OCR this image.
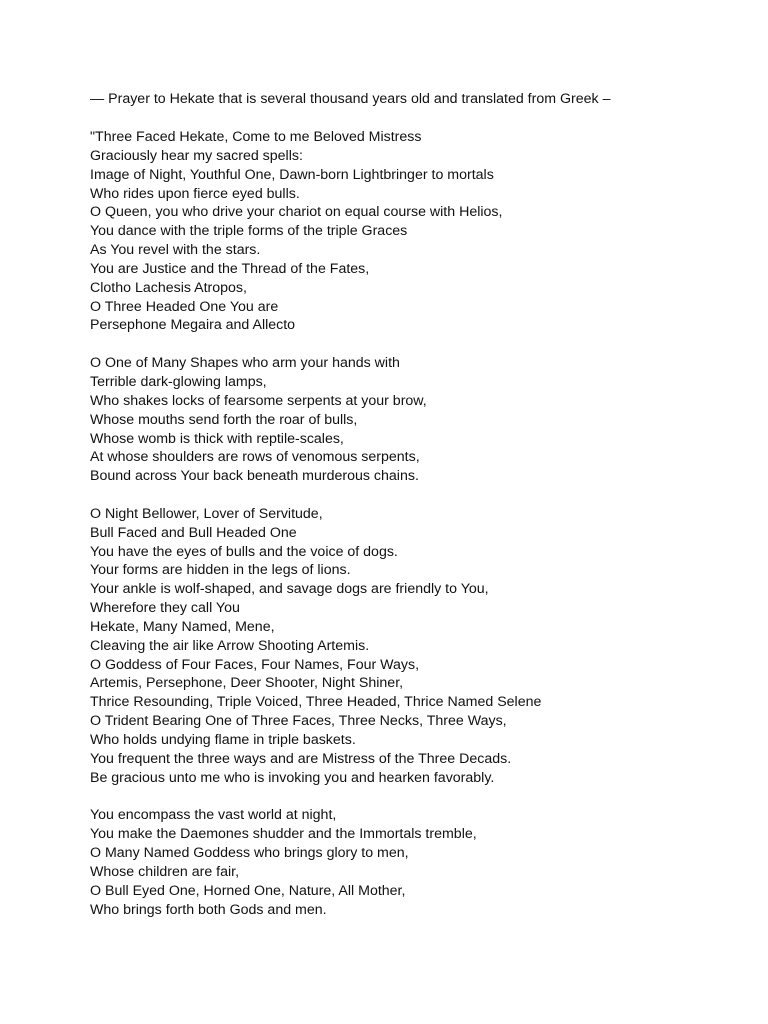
— Prayer to Hekate that is several thousand years old and translated from Greek –
"Three Faced Hekate, Come to me Beloved Mistress
Graciously hear my sacred spells:
Image of Night, Youthful One, Dawn-born Lightbringer to mortals
Who rides upon fierce eyed bulls.
O Queen, you who drive your chariot on equal course with Helios,
You dance with the triple forms of the triple Graces
As You revel with the stars.
You are Justice and the Thread of the Fates,
Clotho Lachesis Atropos,
O Three Headed One You are
Persephone Megaira and Allecto
O One of Many Shapes who arm your hands with
Terrible dark-glowing lamps,
Who shakes locks of fearsome serpents at your brow,
Whose mouths send forth the roar of bulls,
Whose womb is thick with reptile-scales,
At whose shoulders are rows of venomous serpents,
Bound across Your back beneath murderous chains.
O Night Bellower, Lover of Servitude,
Bull Faced and Bull Headed One
You have the eyes of bulls and the voice of dogs.
Your forms are hidden in the legs of lions.
Your ankle is wolf-shaped, and savage dogs are friendly to You,
Wherefore they call You
Hekate, Many Named, Mene,
Cleaving the air like Arrow Shooting Artemis.
O Goddess of Four Faces, Four Names, Four Ways,
Artemis, Persephone, Deer Shooter, Night Shiner,
Thrice Resounding, Triple Voiced, Three Headed, Thrice Named Selene
O Trident Bearing One of Three Faces, Three Necks, Three Ways,
Who holds undying flame in triple baskets.
You frequent the three ways and are Mistress of the Three Decads.
Be gracious unto me who is invoking you and hearken favorably.
You encompass the vast world at night,
You make the Daemones shudder and the Immortals tremble,
O Many Named Goddess who brings glory to men,
Whose children are fair,
O Bull Eyed One, Horned One, Nature, All Mother,
Who brings forth both Gods and men.
